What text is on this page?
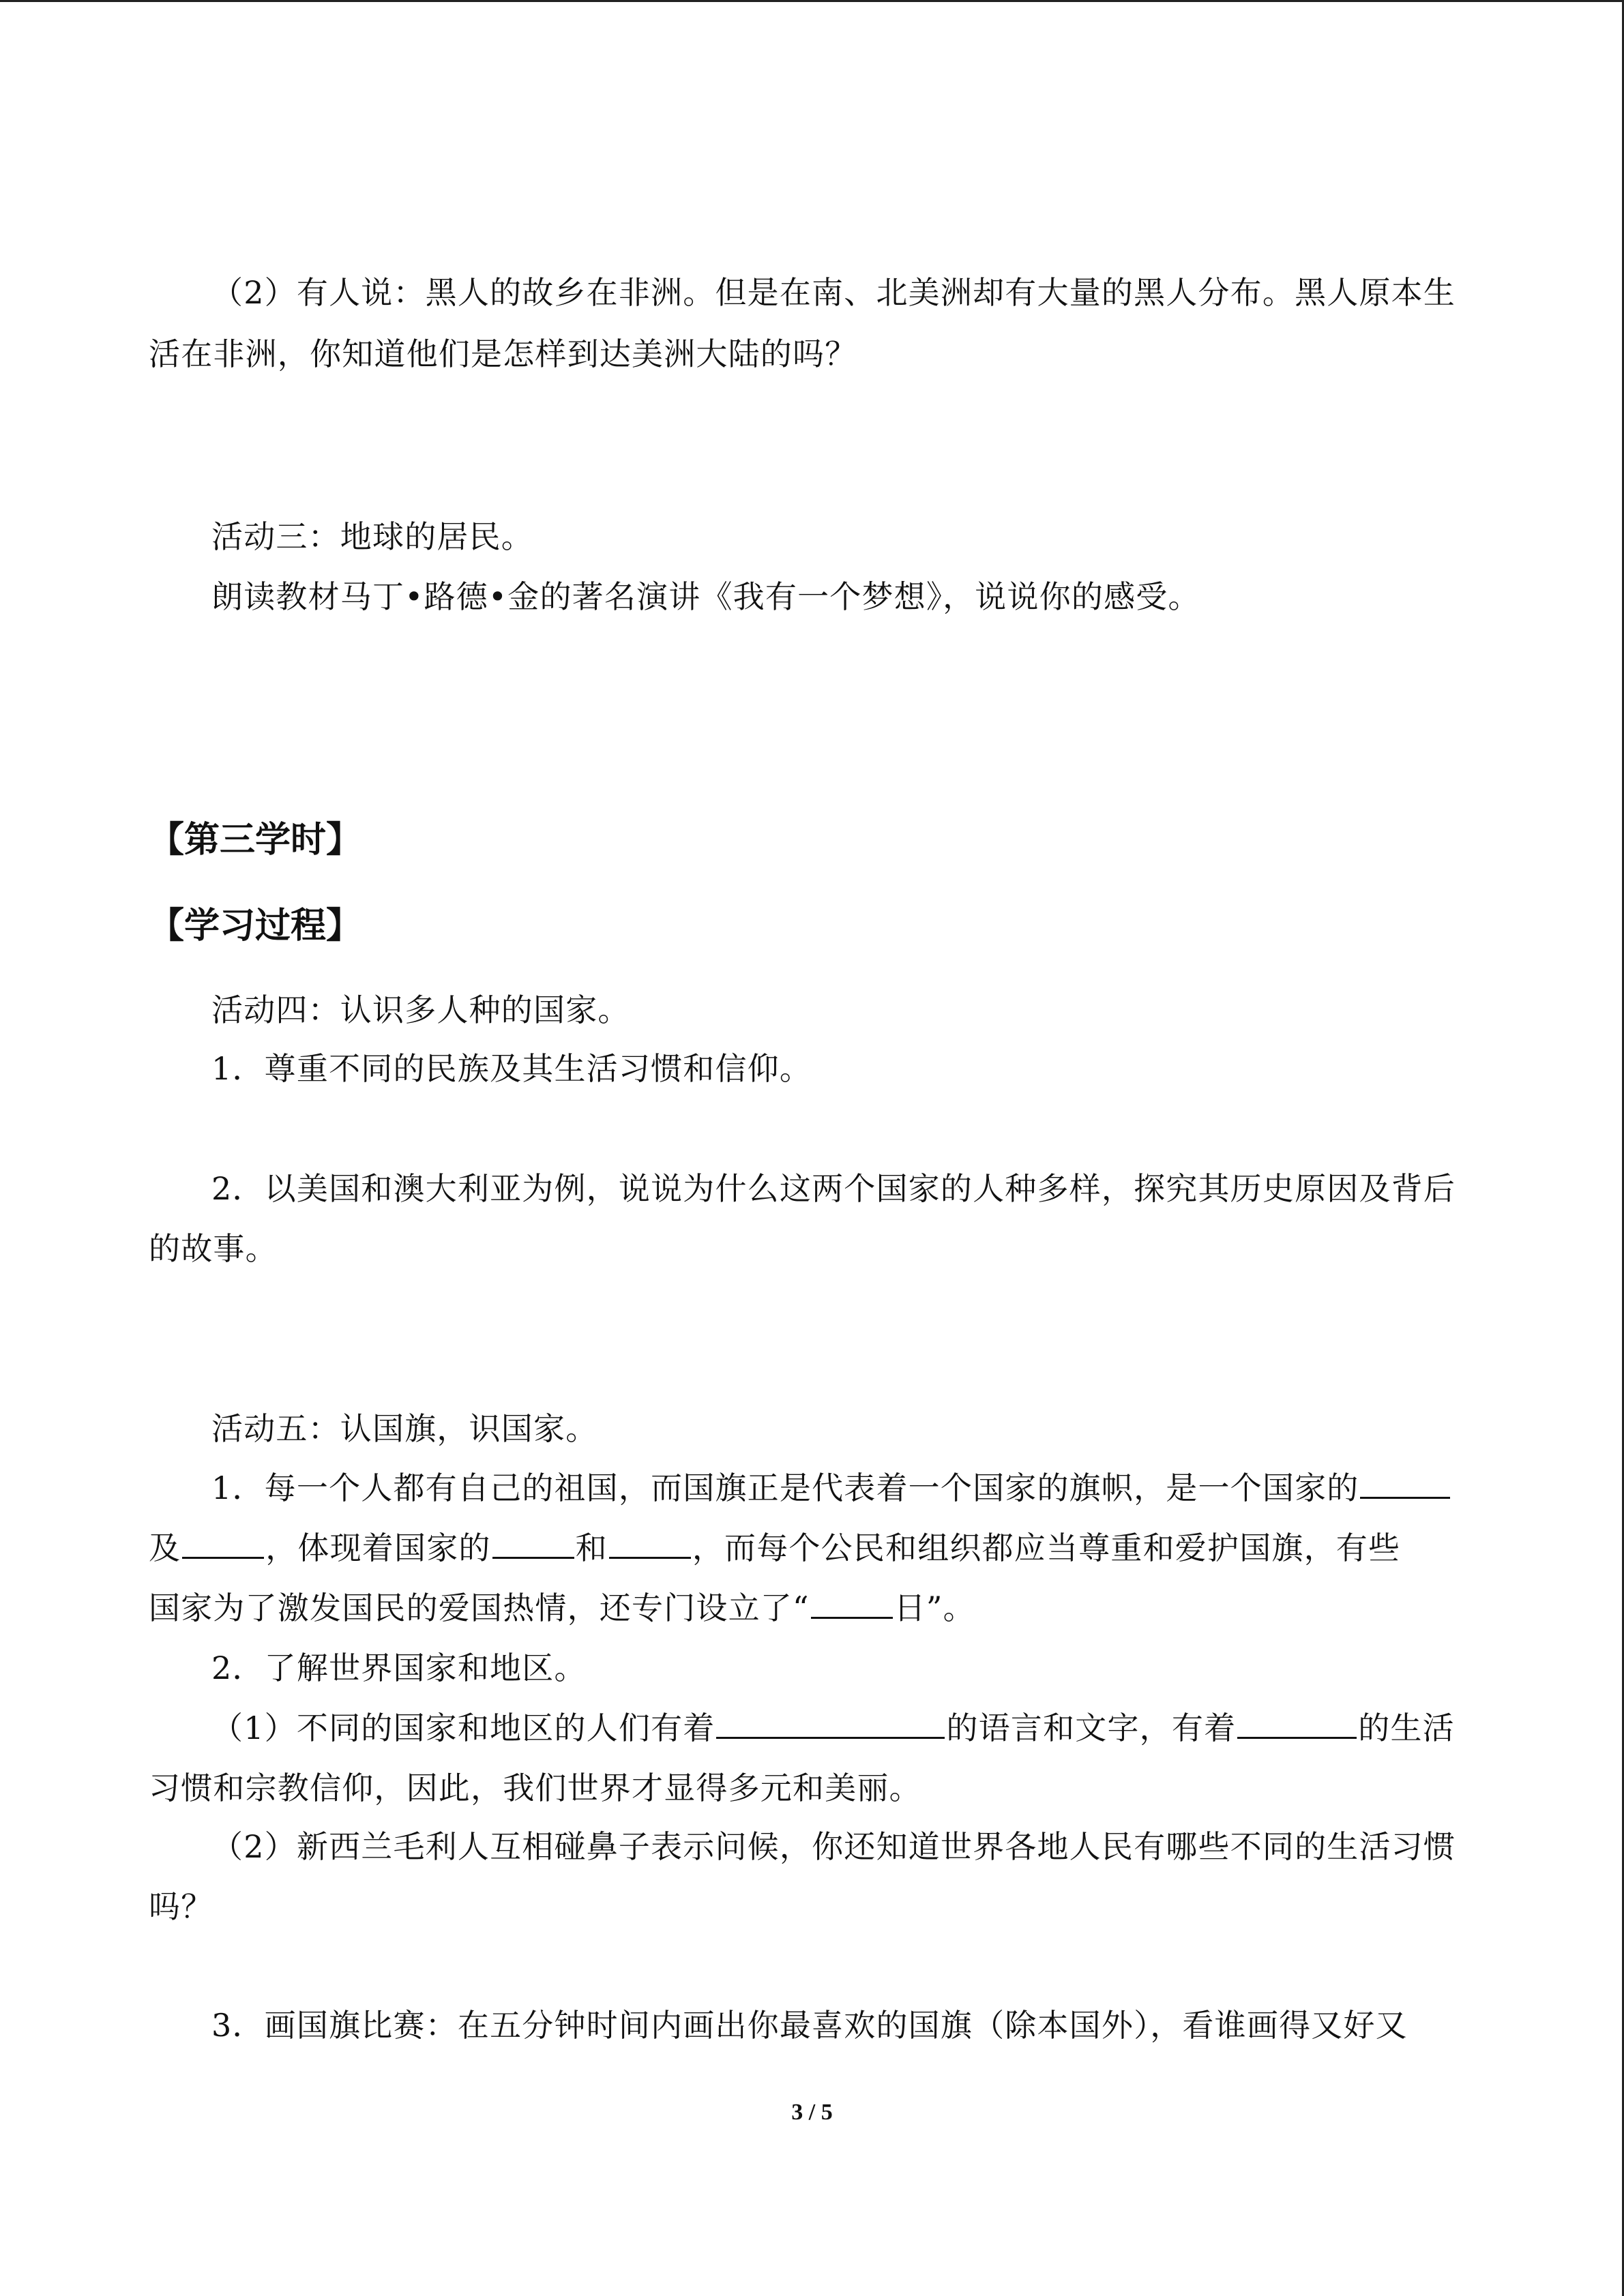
（2）有人说：黑人的故乡在非洲。但是在南、北美洲却有大量的黑人分布。黑人原本生
活在非洲，你知道他们是怎样到达美洲大陆的吗？
活动三：地球的居民。
朗读教材马丁•路德•金的著名演讲《我有一个梦想》，说说你的感受。
【第三学时】
【学习过程】
活动四：认识多人种的国家。
1．尊重不同的民族及其生活习惯和信仰。
2．以美国和澳大利亚为例，说说为什么这两个国家的人种多样，探究其历史原因及背后
的故事。
活动五：认国旗，识国家。
1．每一个人都有自己的祖国，而国旗正是代表着一个国家的旗帜，是一个国家的
及	，体现着国家的	和	，而每个公民和组织都应当尊重和爱护国旗，有些
国家为了激发国民的爱国热情，还专门设立了“	日”。
2．了解世界国家和地区。
（1）不同的国家和地区的人们有着	的语言和文字，有着	的生活
习惯和宗教信仰，因此，我们世界才显得多元和美丽。
（2）新西兰毛利人互相碰鼻子表示问候，你还知道世界各地人民有哪些不同的生活习惯
吗？
3．画国旗比赛：在五分钟时间内画出你最喜欢的国旗（除本国外），看谁画得又好又
3 / 5
